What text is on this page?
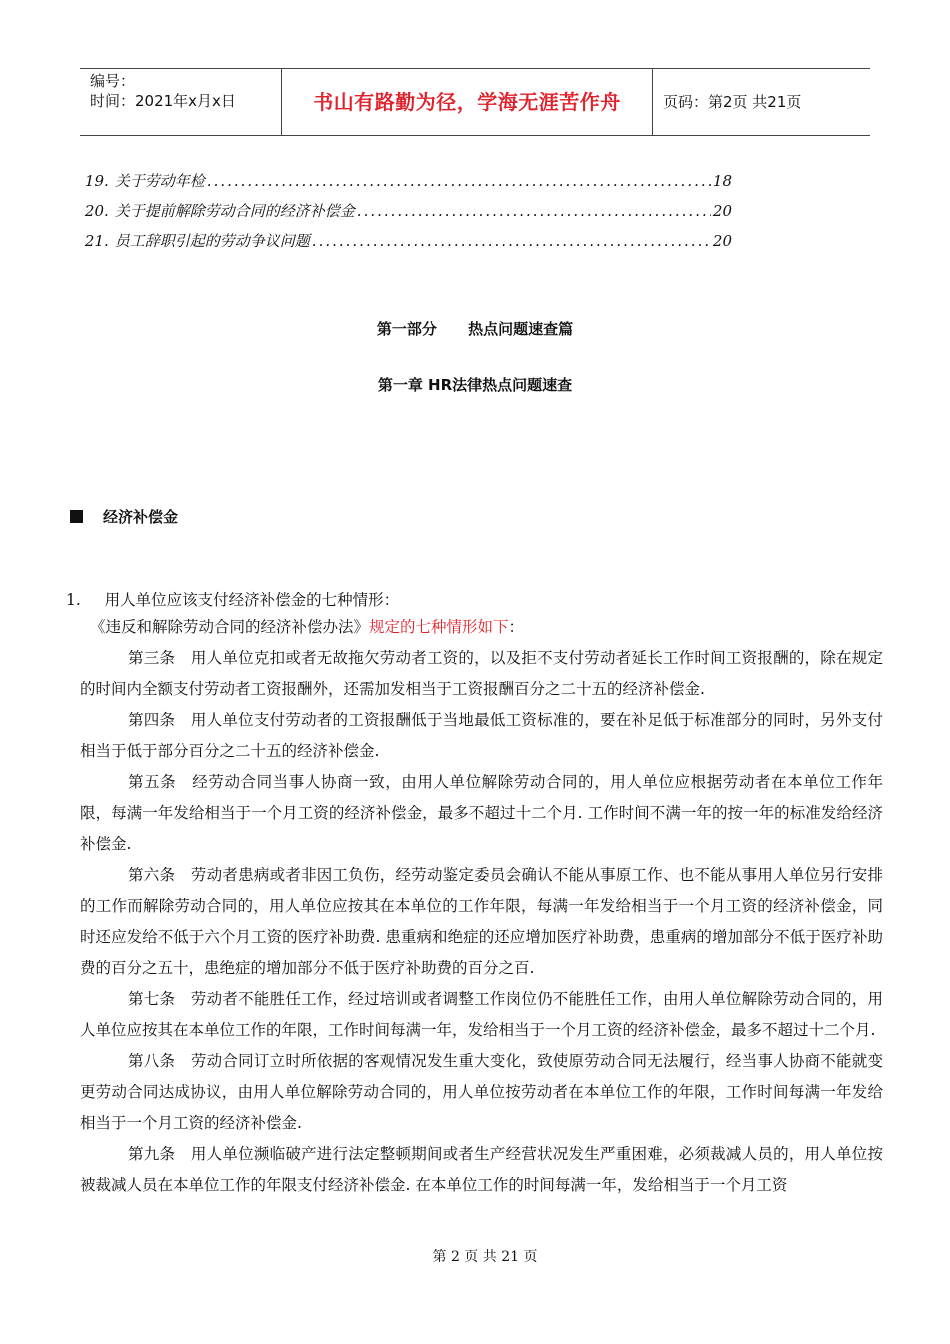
编号：
时间：2021年x月x日	书山有路勤为径，学海无涯苦作舟	页码：第2页 共21页
19 . 关于劳动年检 .....	18
20 . 关于提前解除劳动合同的经济补偿金 .....	20
21 . 员工辞职引起的劳动争议问题 .....	20
第一部分      热点问题速查篇
第一章 HR法律热点问题速查
经济补偿金
1. 用人单位应该支付经济补偿金的七种情形：
《违反和解除劳动合同的经济补偿办法》规定的七种情形如下：

第三条　用人单位克扣或者无故拖欠劳动者工资的，以及拒不支付劳动者延长工作时间工资报酬的，除在规定的时间内全额支付劳动者工资报酬外，还需加发相当于工资报酬百分之二十五的经济补偿金.

第四条　用人单位支付劳动者的工资报酬低于当地最低工资标准的，要在补足低于标准部分的同时，另外支付相当于低于部分百分之二十五的经济补偿金.

第五条　经劳动合同当事人协商一致，由用人单位解除劳动合同的，用人单位应根据劳动者在本单位工作年限，每满一年发给相当于一个月工资的经济补偿金，最多不超过十二个月. 工作时间不满一年的按一年的标准发给经济补偿金.

第六条　劳动者患病或者非因工负伤，经劳动鉴定委员会确认不能从事原工作、也不能从事用人单位另行安排的工作而解除劳动合同的，用人单位应按其在本单位的工作年限，每满一年发给相当于一个月工资的经济补偿金，同时还应发给不低于六个月工资的医疗补助费. 患重病和绝症的还应增加医疗补助费，患重病的增加部分不低于医疗补助费的百分之五十，患绝症的增加部分不低于医疗补助费的百分之百.

第七条　劳动者不能胜任工作，经过培训或者调整工作岗位仍不能胜任工作，由用人单位解除劳动合同的，用人单位应按其在本单位工作的年限，工作时间每满一年，发给相当于一个月工资的经济补偿金，最多不超过十二个月.

第八条　劳动合同订立时所依据的客观情况发生重大变化，致使原劳动合同无法履行，经当事人协商不能就变更劳动合同达成协议，由用人单位解除劳动合同的，用人单位按劳动者在本单位工作的年限，工作时间每满一年发给相当于一个月工资的经济补偿金.

第九条　用人单位濒临破产进行法定整顿期间或者生产经营状况发生严重困难，必须裁减人员的，用人单位按被裁减人员在本单位工作的年限支付经济补偿金. 在本单位工作的时间每满一年，发给相当于一个月工资

第 2 页 共 21 页
